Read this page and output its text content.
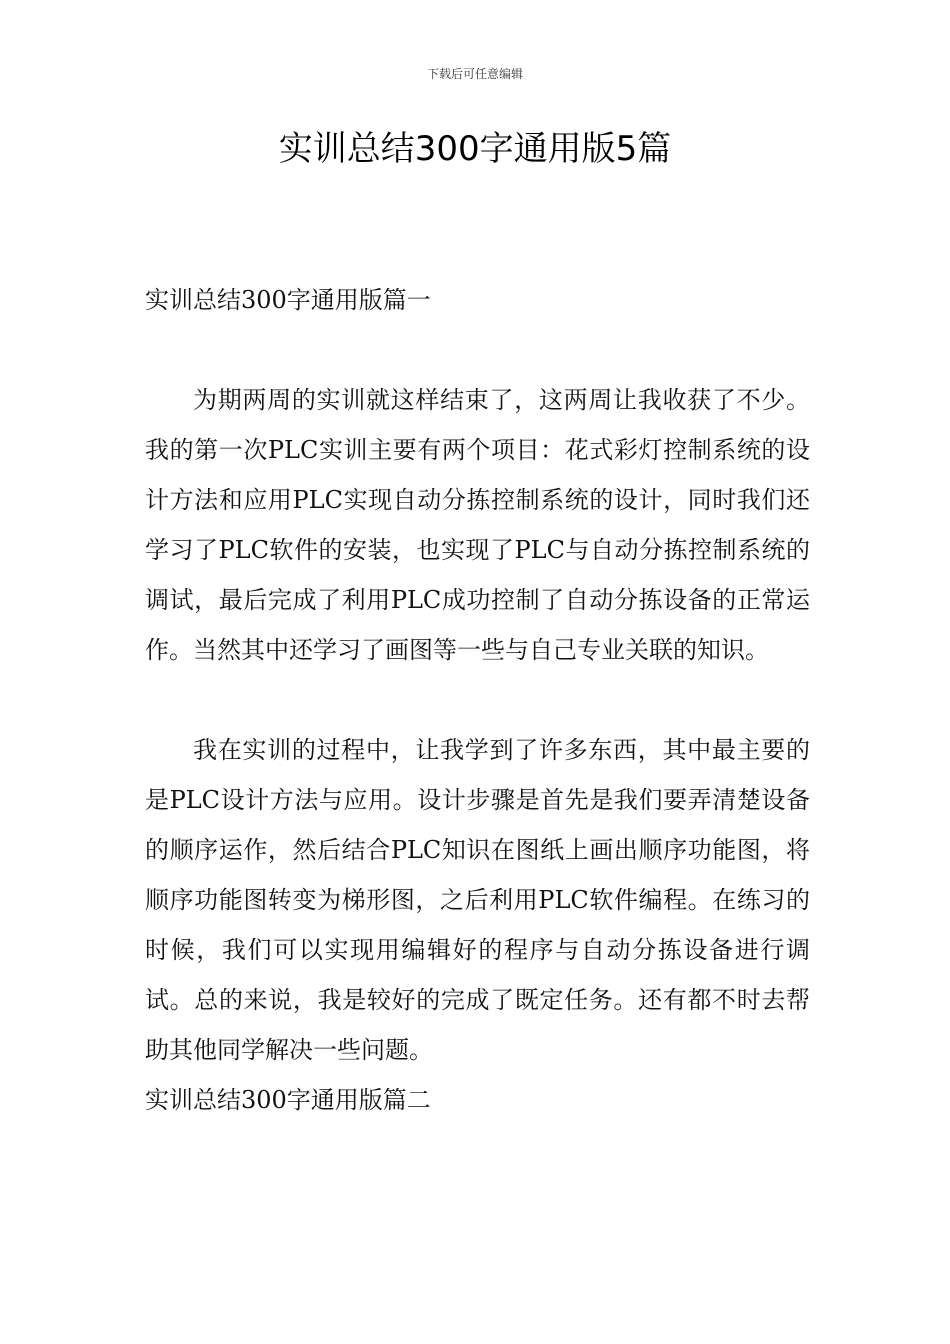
下载后可任意编辑
实训总结300字通用版5篇
实训总结300字通用版篇一

为期两周的实训就这样结束了，这两周让我收获了不少。我的第一次PLC实训主要有两个项目：花式彩灯控制系统的设计方法和应用PLC实现自动分拣控制系统的设计，同时我们还学习了PLC软件的安装，也实现了PLC与自动分拣控制系统的调试，最后完成了利用PLC成功控制了自动分拣设备的正常运作。当然其中还学习了画图等一些与自己专业关联的知识。

我在实训的过程中，让我学到了许多东西，其中最主要的是PLC设计方法与应用。设计步骤是首先是我们要弄清楚设备的顺序运作，然后结合PLC知识在图纸上画出顺序功能图，将顺序功能图转变为梯形图，之后利用PLC软件编程。在练习的时候，我们可以实现用编辑好的程序与自动分拣设备进行调试。总的来说，我是较好的完成了既定任务。还有都不时去帮助其他同学解决一些问题。

实训总结300字通用版篇二
